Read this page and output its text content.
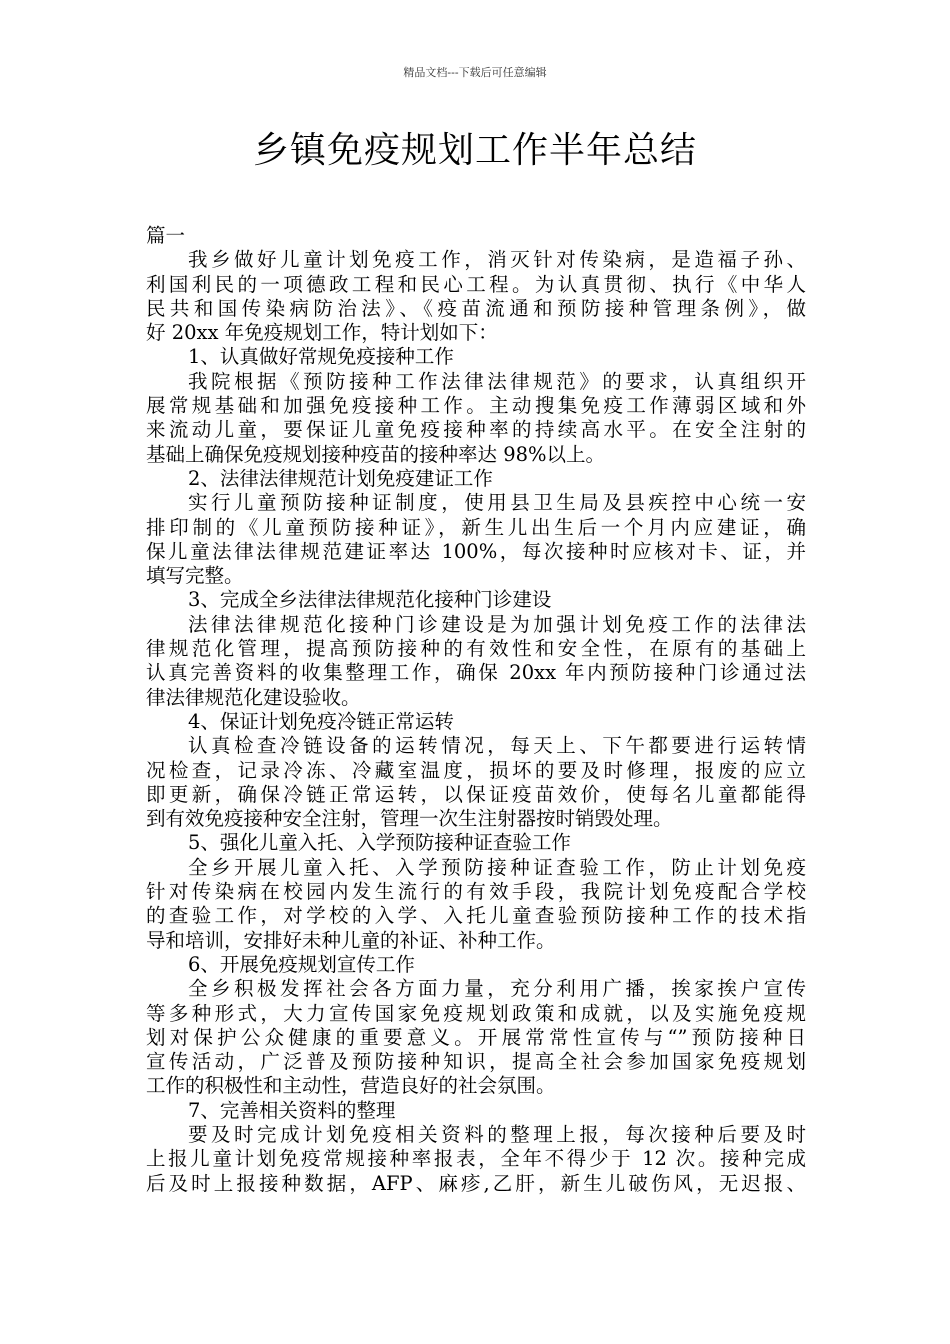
精品文档---下载后可任意编辑
乡镇免疫规划工作半年总结
篇一
我乡做好儿童计划免疫工作，消灭针对传染病，是造福子孙、
利国利民的一项德政工程和民心工程。为认真贯彻、执行《中华人
民共和国传染病防治法》、《疫苗流通和预防接种管理条例》，做
好 20xx 年免疫规划工作，特计划如下：
1、认真做好常规免疫接种工作
我院根据《预防接种工作法律法律规范》的要求，认真组织开
展常规基础和加强免疫接种工作。主动搜集免疫工作薄弱区域和外
来流动儿童，要保证儿童免疫接种率的持续高水平。在安全注射的
基础上确保免疫规划接种疫苗的接种率达 98%以上。
2、法律法律规范计划免疫建证工作
实行儿童预防接种证制度，使用县卫生局及县疾控中心统一安
排印制的《儿童预防接种证》，新生儿出生后一个月内应建证，确
保儿童法律法律规范建证率达 100%，每次接种时应核对卡、证，并
填写完整。
3、完成全乡法律法律规范化接种门诊建设
法律法律规范化接种门诊建设是为加强计划免疫工作的法律法
律规范化管理，提高预防接种的有效性和安全性，在原有的基础上
认真完善资料的收集整理工作，确保 20xx 年内预防接种门诊通过法
律法律规范化建设验收。
4、保证计划免疫冷链正常运转
认真检查冷链设备的运转情况，每天上、下午都要进行运转情
况检查，记录冷冻、冷藏室温度，损坏的要及时修理，报废的应立
即更新，确保冷链正常运转，以保证疫苗效价，使每名儿童都能得
到有效免疫接种安全注射，管理一次生注射器按时销毁处理。
5、强化儿童入托、入学预防接种证查验工作
全乡开展儿童入托、入学预防接种证查验工作，防止计划免疫
针对传染病在校园内发生流行的有效手段，我院计划免疫配合学校
的查验工作，对学校的入学、入托儿童查验预防接种工作的技术指
导和培训，安排好未种儿童的补证、补种工作。
6、开展免疫规划宣传工作
全乡积极发挥社会各方面力量，充分利用广播，挨家挨户宣传
等多种形式，大力宣传国家免疫规划政策和成就，以及实施免疫规
划对保护公众健康的重要意义。开展常常性宣传与“”预防接种日
宣传活动，广泛普及预防接种知识，提高全社会参加国家免疫规划
工作的积极性和主动性，营造良好的社会氛围。
7、完善相关资料的整理
要及时完成计划免疫相关资料的整理上报，每次接种后要及时
上报儿童计划免疫常规接种率报表，全年不得少于 12 次。接种完成
后及时上报接种数据，AFP、麻疹,乙肝，新生儿破伤风，无迟报、
